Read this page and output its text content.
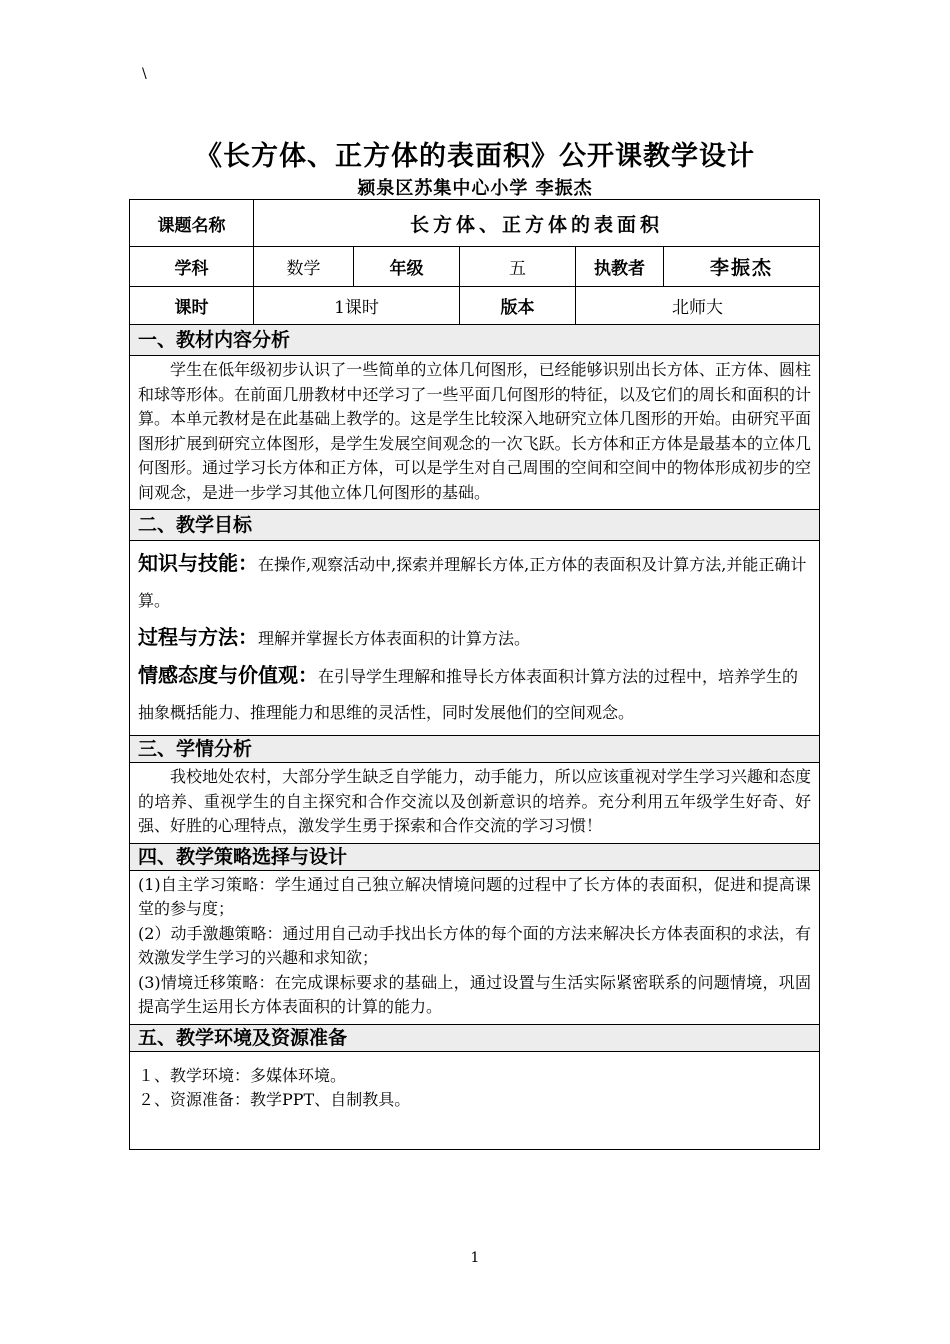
\
《长方体、正方体的表面积》公开课教学设计
颍泉区苏集中心小学 李振杰
课题名称	长方体、正方体的表面积				
学科	数学	年级	五	执教者	李振杰
课时	1课时		版本	北师大	
一、教材内容分析					

学生在低年级初步认识了一些简单的立体几何图形，已经能够识别出长方体、正方体、圆柱和球等形体。在前面几册教材中还学习了一些平面几何图形的特征，以及它们的周长和面积的计算。本单元教材是在此基础上教学的。这是学生比较深入地研究立体几图形的开始。由研究平面图形扩展到研究立体图形，是学生发展空间观念的一次飞跃。长方体和正方体是最基本的立体几何图形。通过学习长方体和正方体，可以是学生对自己周围的空间和空间中的物体形成初步的空间观念，是进一步学习其他立体几何图形的基础。					

二、教学目标					

知识与技能：在操作,观察活动中,探索并理解长方体,正方体的表面积及计算方法,并能正确计算。

过程与方法：理解并掌握长方体表面积的计算方法。

情感态度与价值观：在引导学生理解和推导长方体表面积计算方法的过程中，培养学生的抽象概括能力、推理能力和思维的灵活性，同时发展他们的空间观念。					

三、学情分析					

我校地处农村，大部分学生缺乏自学能力，动手能力，所以应该重视对学生学习兴趣和态度的培养、重视学生的自主探究和合作交流以及创新意识的培养。充分利用五年级学生好奇、好强、好胜的心理特点，激发学生勇于探索和合作交流的学习习惯！					

四、教学策略选择与设计					

(1)自主学习策略：学生通过自己独立解决情境问题的过程中了长方体的表面积，促进和提高课堂的参与度；

(2）动手激趣策略：通过用自己动手找出长方体的每个面的方法来解决长方体表面积的求法，有效激发学生学习的兴趣和求知欲；

(3)情境迁移策略：在完成课标要求的基础上，通过设置与生活实际紧密联系的问题情境，巩固提高学生运用长方体表面积的计算的能力。					

五、教学环境及资源准备					

１、教学环境：多媒体环境。

２、资源准备：教学PPT、自制教具。					

1
